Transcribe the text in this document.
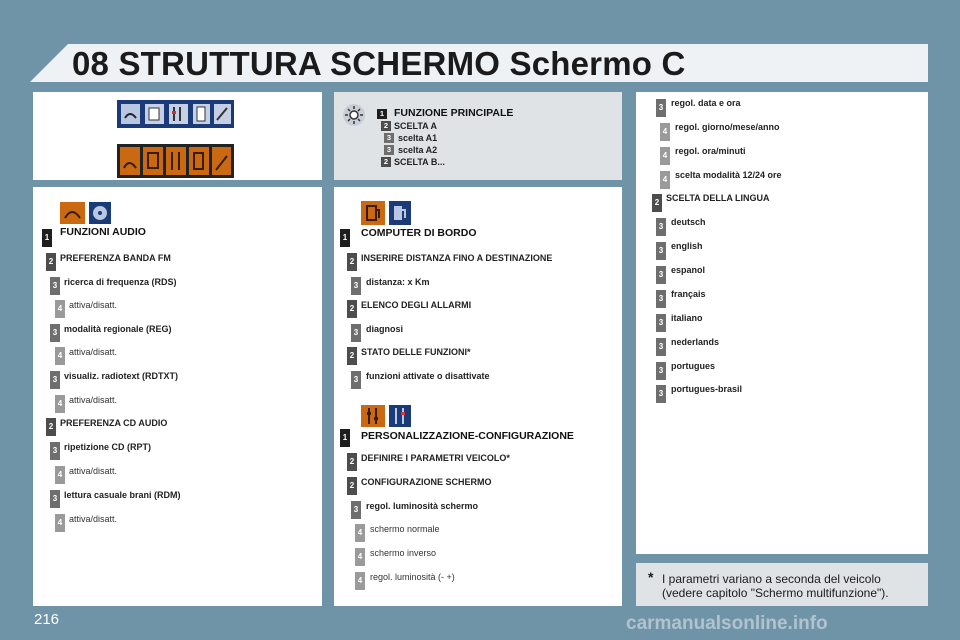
08 STRUTTURA SCHERMO Schermo C
1 FUNZIONE PRINCIPALE
2 SCELTA A
3 scelta A1
3 scelta A2
2 SCELTA B...
FUNZIONI AUDIO
1
2 PREFERENZA BANDA FM
3 ricerca di frequenza (RDS)
4 attiva/disatt.
3 modalità regionale (REG)
4 attiva/disatt.
3 visualiz. radiotext (RDTXT)
4 attiva/disatt.
2 PREFERENZA CD AUDIO
3 ripetizione CD (RPT)
4 attiva/disatt.
3 lettura casuale brani (RDM)
4 attiva/disatt.
COMPUTER DI BORDO
1
2 INSERIRE DISTANZA FINO A DESTINAZIONE
3 distanza: x Km
2 ELENCO DEGLI ALLARMI
3 diagnosi
2 STATO DELLE FUNZIONI*
3 funzioni attivate o disattivate
PERSONALIZZAZIONE-CONFIGURAZIONE
1
2 DEFINIRE I PARAMETRI VEICOLO*
2 CONFIGURAZIONE SCHERMO
3 regol. luminosità schermo
4 schermo normale
4 schermo inverso
4 regol. luminosità (- +)
3 regol. data e ora
4 regol. giorno/mese/anno
4 regol. ora/minuti
4 scelta modalità 12/24 ore
2 SCELTA DELLA LINGUA
3 deutsch
3 english
3 espanol
3 français
3 italiano
3 nederlands
3 portugues
3 portugues-brasil
* I parametri variano a seconda del veicolo
(vedere capitolo "Schermo multifunzione").
216	carmanualsonline.info
